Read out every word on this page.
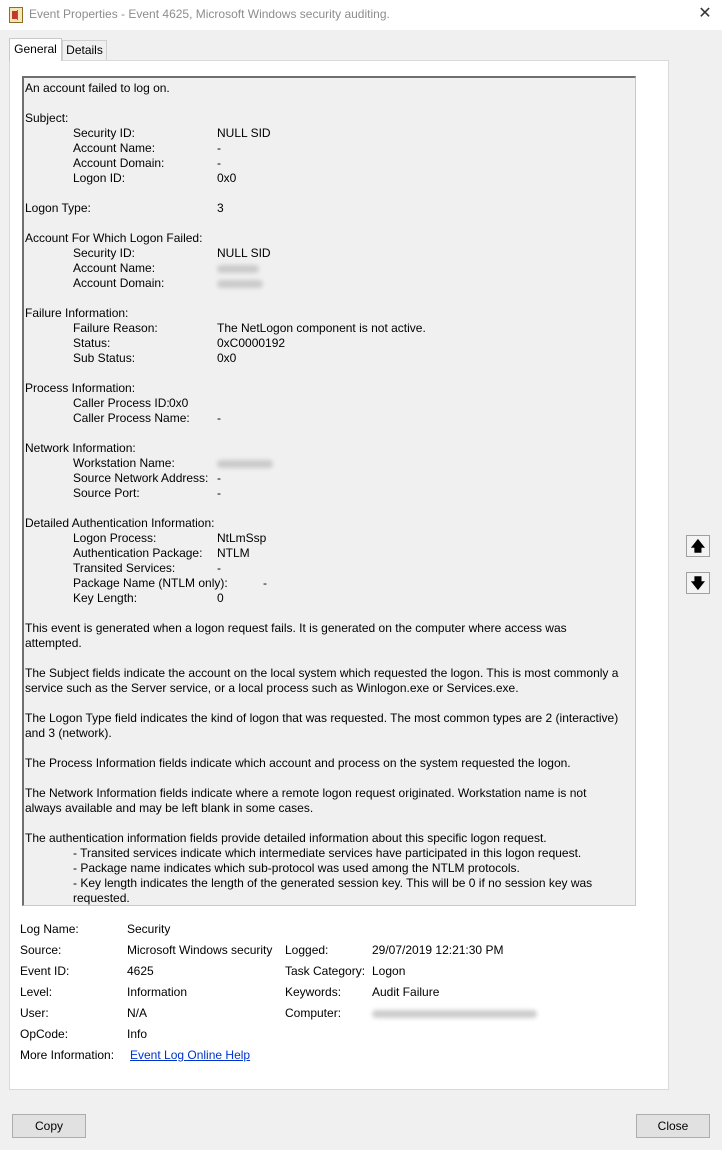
Event Properties - Event 4625, Microsoft Windows security auditing.	✕
General Details
An account failed to log on.
Subject:
Security ID:	NULL SID
Account Name:	-
Account Domain:	-
Logon ID:	0x0
Logon Type:	3
Account For Which Logon Failed:
Security ID:	NULL SID
Account Name:
Account Domain:
Failure Information:
Failure Reason:	The NetLogon component is not active.
Status:	0xC0000192
Sub Status:	0x0
Process Information:
Caller Process ID: 0x0
Caller Process Name: -
Network Information:
Workstation Name:
Source Network Address: -
Source Port:	-
Detailed Authentication Information:
Logon Process:	NtLmSsp
Authentication Package: NTLM
Transited Services:	-
Package Name (NTLM only):	-
Key Length:	0
This event is generated when a logon request fails. It is generated on the computer where access was attempted.
The Subject fields indicate the account on the local system which requested the logon. This is most commonly a service such as the Server service, or a local process such as Winlogon.exe or Services.exe.
The Logon Type field indicates the kind of logon that was requested. The most common types are 2 (interactive) and 3 (network).
The Process Information fields indicate which account and process on the system requested the logon.
The Network Information fields indicate where a remote logon request originated. Workstation name is not always available and may be left blank in some cases.
The authentication information fields provide detailed information about this specific logon request.
- Transited services indicate which intermediate services have participated in this logon request.
- Package name indicates which sub-protocol was used among the NTLM protocols.
- Key length indicates the length of the generated session key. This will be 0 if no session key was requested.
Log Name:	Security
Source:	Microsoft Windows security Logged:	29/07/2019 12:21:30 PM
Event ID:	4625	Task Category: Logon
Level:	Information	Keywords:	Audit Failure
User:	N/A	Computer:
OpCode:	Info
More Information: Event Log Online Help
🡅
🡇
Copy	Close
